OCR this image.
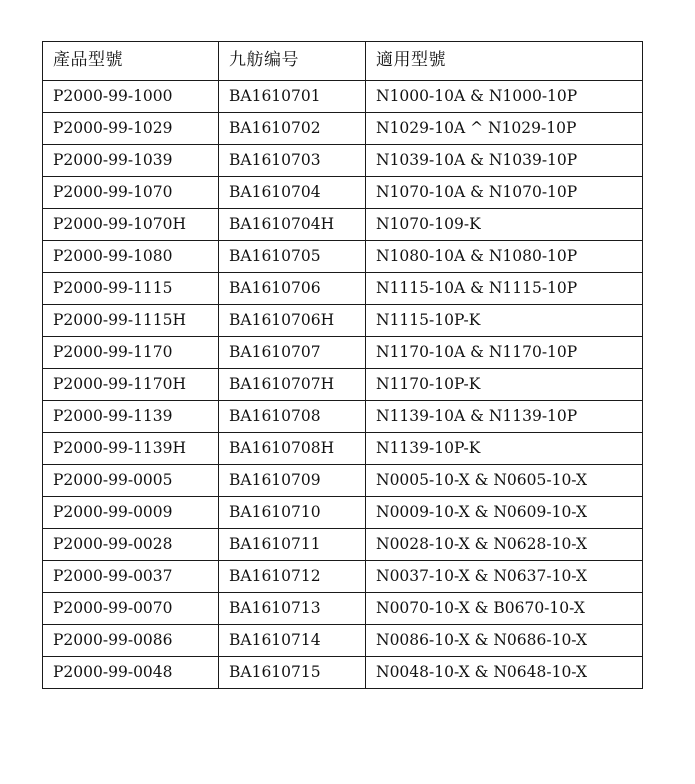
產品型號	九舫编号	適用型號
P2000-99-1000	BA1610701	N1000-10A & N1000-10P
P2000-99-1029	BA1610702	N1029-10A ^ N1029-10P
P2000-99-1039	BA1610703	N1039-10A & N1039-10P
P2000-99-1070	BA1610704	N1070-10A & N1070-10P
P2000-99-1070H	BA1610704H	N1070-109-K
P2000-99-1080	BA1610705	N1080-10A & N1080-10P
P2000-99-1115	BA1610706	N1115-10A & N1115-10P
P2000-99-1115H	BA1610706H	N1115-10P-K
P2000-99-1170	BA1610707	N1170-10A & N1170-10P
P2000-99-1170H	BA1610707H	N1170-10P-K
P2000-99-1139	BA1610708	N1139-10A & N1139-10P
P2000-99-1139H	BA1610708H	N1139-10P-K
P2000-99-0005	BA1610709	N0005-10-X & N0605-10-X
P2000-99-0009	BA1610710	N0009-10-X & N0609-10-X
P2000-99-0028	BA1610711	N0028-10-X & N0628-10-X
P2000-99-0037	BA1610712	N0037-10-X & N0637-10-X
P2000-99-0070	BA1610713	N0070-10-X & B0670-10-X
P2000-99-0086	BA1610714	N0086-10-X & N0686-10-X
P2000-99-0048	BA1610715	N0048-10-X & N0648-10-X
